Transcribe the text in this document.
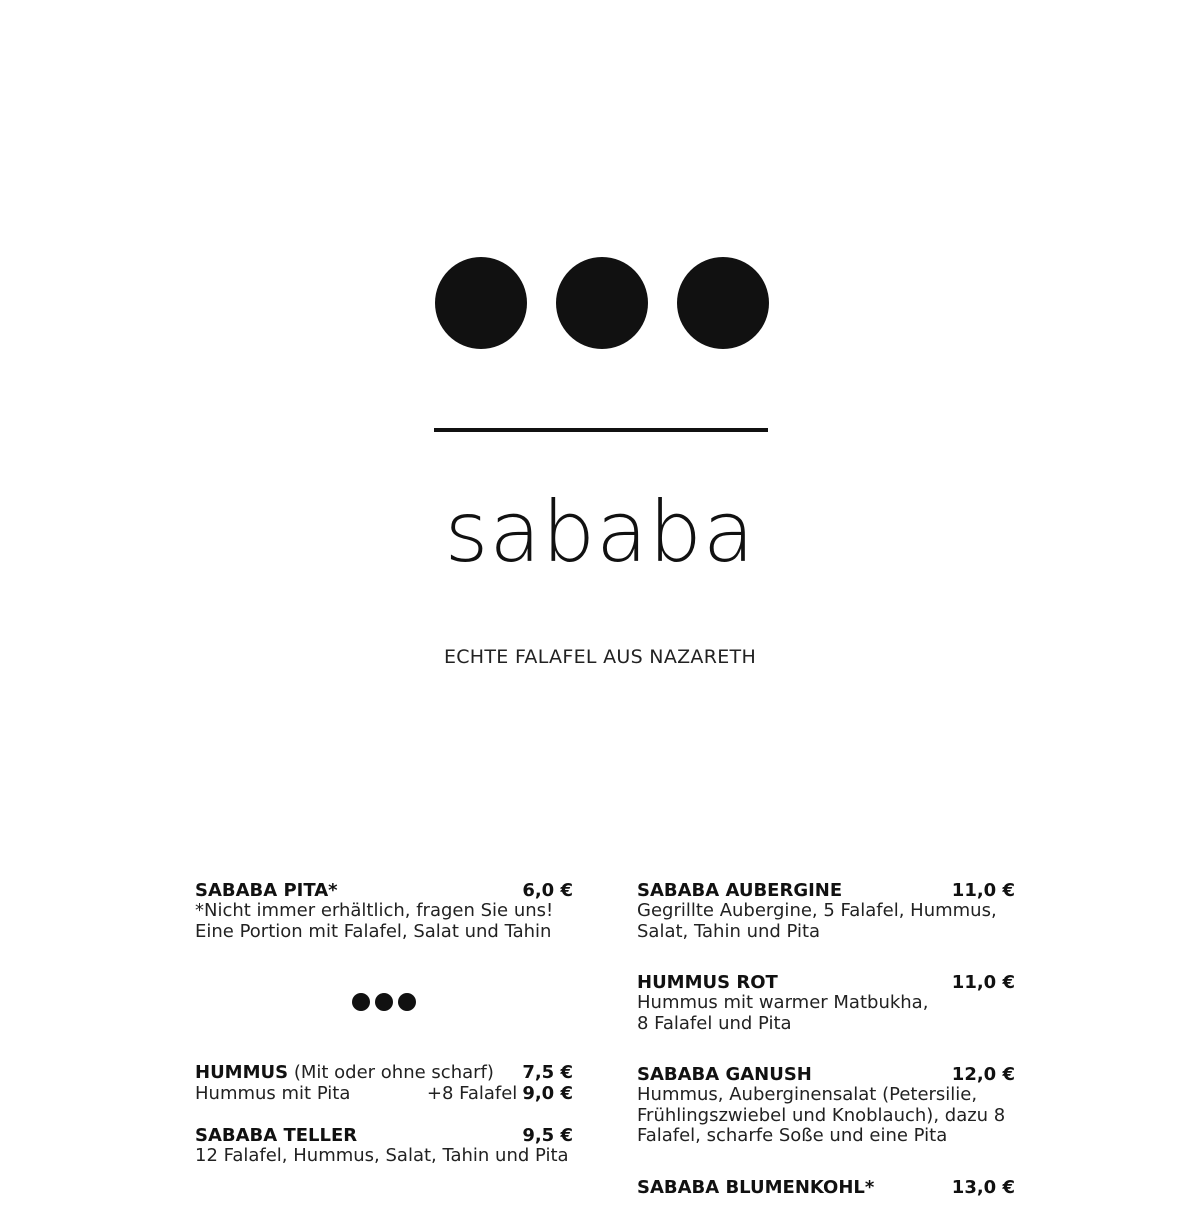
sababa
ECHTE FALAFEL AUS NAZARETH
SABABA PITA*	6,0 €
*Nicht immer erhältlich, fragen Sie uns!
Eine Portion mit Falafel, Salat und Tahin
HUMMUS (Mit oder ohne scharf) 7,5 €
Hummus mit Pita	+8 Falafel 9,0 €
SABABA TELLER	9,5 €
12 Falafel, Hummus, Salat, Tahin und Pita
SABABA AUBERGINE	11,0 €
Gegrillte Aubergine, 5 Falafel, Hummus,
Salat, Tahin und Pita
HUMMUS ROT	11,0 €
Hummus mit warmer Matbukha,
8 Falafel und Pita
SABABA GANUSH	12,0 €
Hummus, Auberginensalat (Petersilie,
Frühlingszwiebel und Knoblauch), dazu 8
Falafel, scharfe Soße und eine Pita
SABABA BLUMENKOHL*	13,0 €
